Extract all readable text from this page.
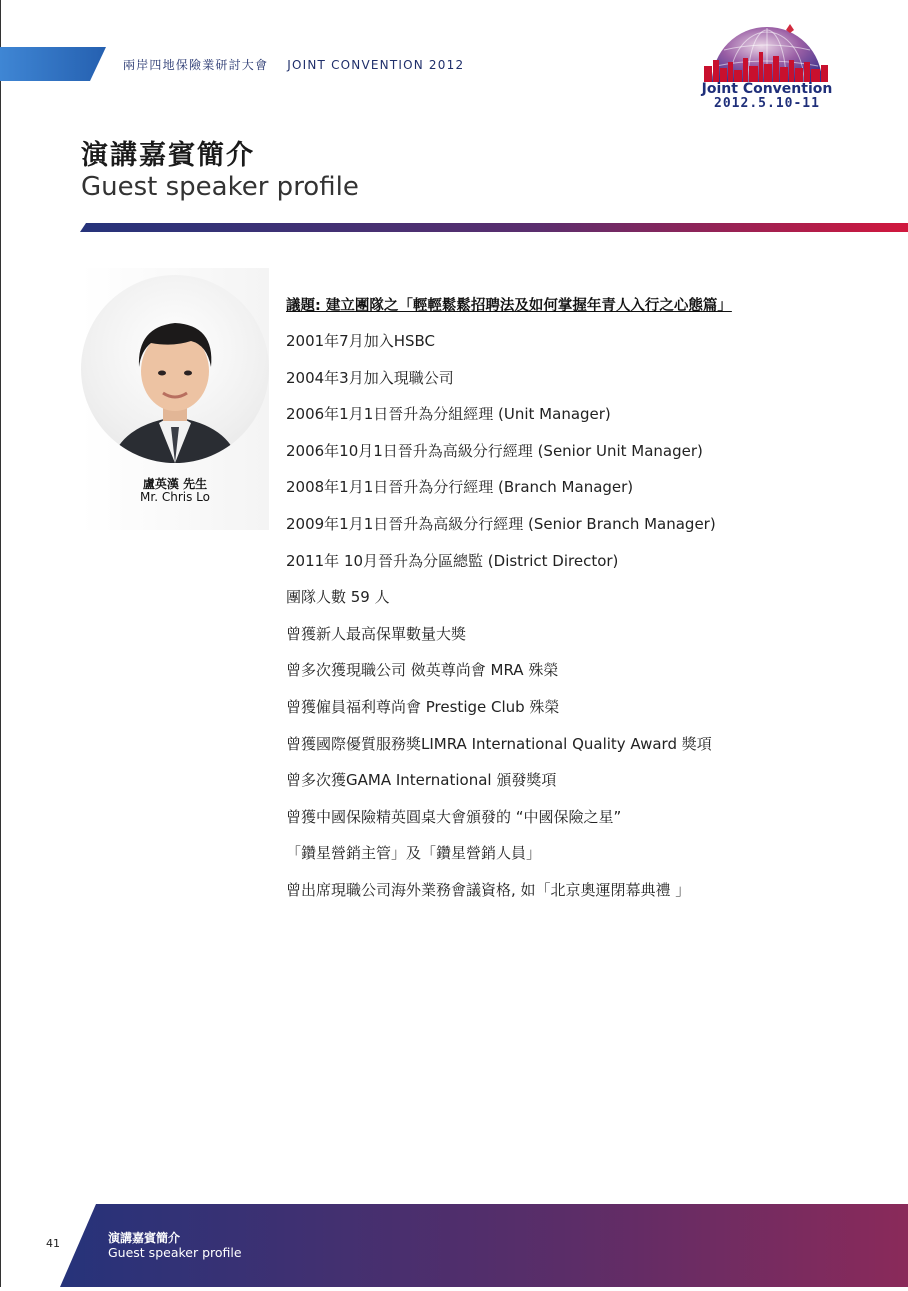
兩岸四地保險業研討大會 JOINT CONVENTION 2012
Joint Convention
2012.5.10-11
演講嘉賓簡介
Guest speaker profile
盧英漢 先生
Mr. Chris Lo
議題: 建立團隊之「輕輕鬆鬆招聘法及如何掌握年青人入行之心態篇」
2001年7月加入HSBC
2004年3月加入現職公司
2006年1月1日晉升為分組經理 (Unit Manager)
2006年10月1日晉升為高級分行經理 (Senior Unit Manager)
2008年1月1日晉升為分行經理 (Branch Manager)
2009年1月1日晉升為高級分行經理 (Senior Branch Manager)
2011年 10月晉升為分區總監 (District Director)
團隊人數 59 人
曾獲新人最高保單數量大獎
曾多次獲現職公司 傚英尊尚會 MRA 殊榮
曾獲僱員福利尊尚會 Prestige Club 殊榮
曾獲國際優質服務獎LIMRA International Quality Award 獎項
曾多次獲GAMA International 頒發獎項
曾獲中國保險精英圓桌大會頒發的 “中國保險之星”
「鑽星營銷主管」及「鑽星營銷人員」
曾出席現職公司海外業務會議資格, 如「北京奧運閉幕典禮 」
41	演講嘉賓簡介
Guest speaker profile
